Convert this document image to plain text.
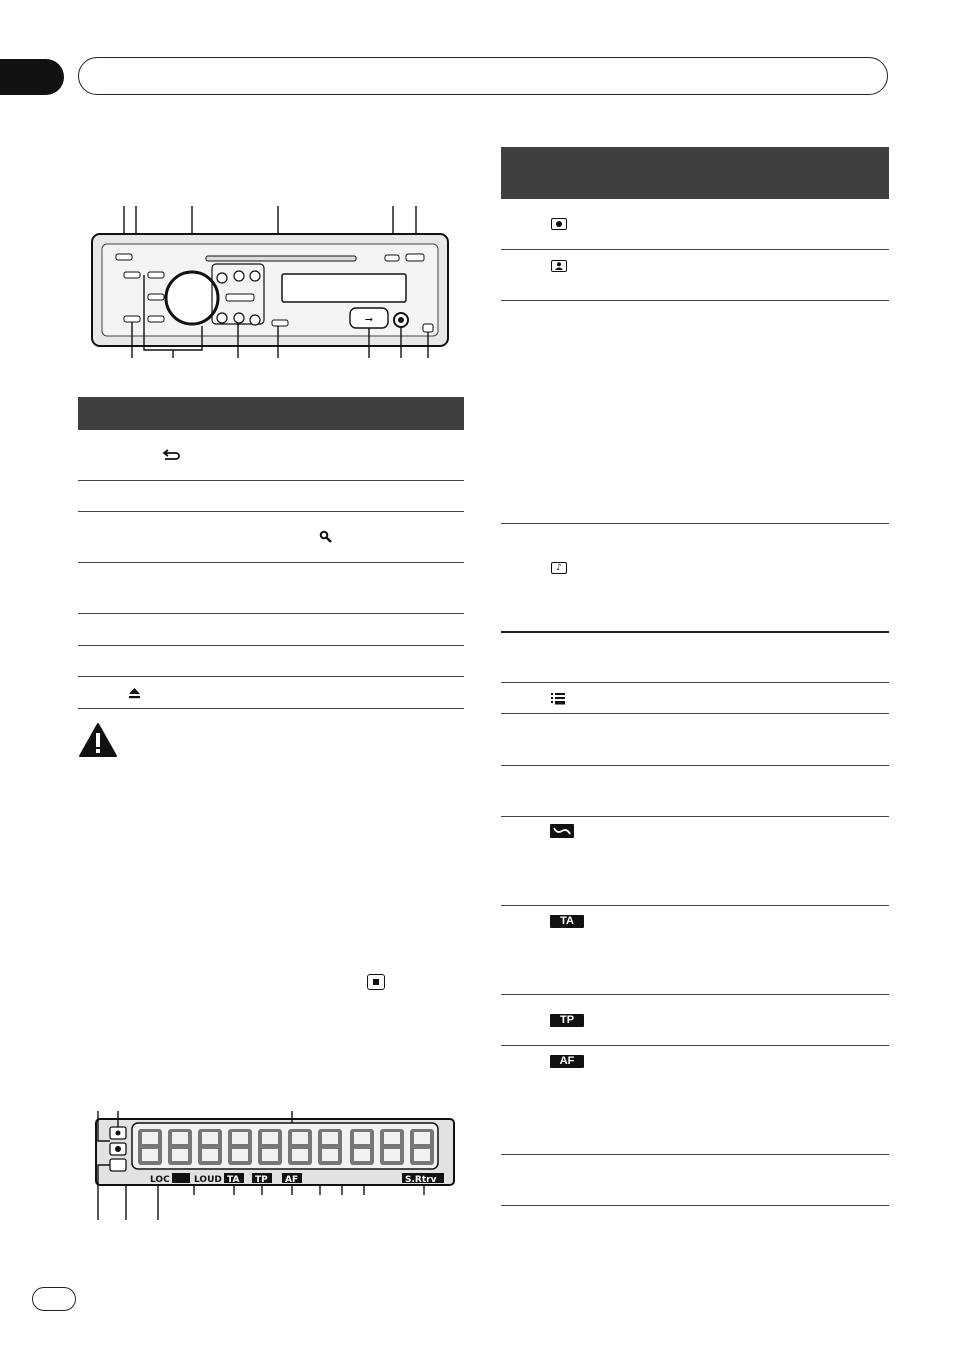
⭢
LOC	LOUD TA TP AF	S.Rtrv
♪
TA
TP
AF
